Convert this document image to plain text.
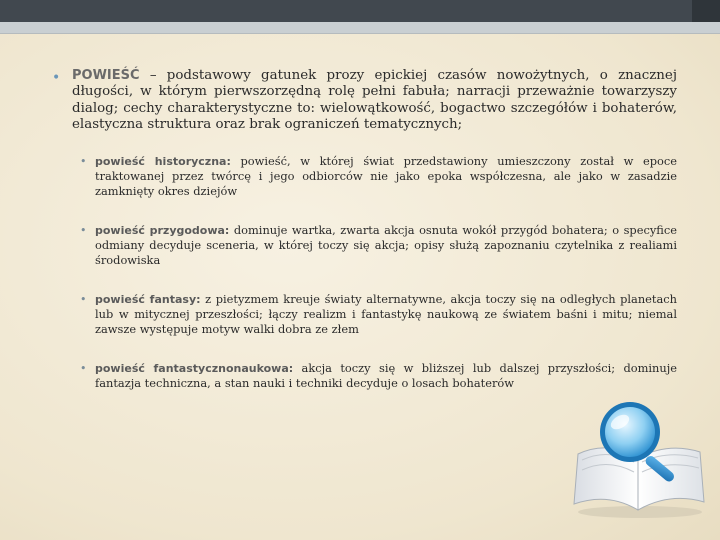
• POWIEŚĆ – podstawowy gatunek prozy epickiej czasów nowożytnych, o znacznej długości, w którym pierwszorzędną rolę pełni fabuła; narracji przeważnie towarzyszy dialog; cechy charakterystyczne to: wielowątkowość, bogactwo szczegółów i bohaterów, elastyczna struktura oraz brak ograniczeń tematycznych;
• powieść historyczna: powieść, w której świat przedstawiony umieszczony został w epoce traktowanej przez twórcę i jego odbiorców nie jako epoka współczesna, ale jako w zasadzie zamknięty okres dziejów
• powieść przygodowa: dominuje wartka, zwarta akcja osnuta wokół przygód bohatera; o specyfice odmiany decyduje sceneria, w której toczy się akcja; opisy służą zapoznaniu czytelnika z realiami środowiska
• powieść fantasy: z pietyzmem kreuje światy alternatywne, akcja toczy się na odległych planetach lub w mitycznej przeszłości; łączy realizm i fantastykę naukową ze światem baśni i mitu; niemal zawsze występuje motyw walki dobra ze złem
• powieść fantastycznonaukowa: akcja toczy się w bliższej lub dalszej przyszłości; dominuje fantazja techniczna, a stan nauki i techniki decyduje o losach bohaterów
